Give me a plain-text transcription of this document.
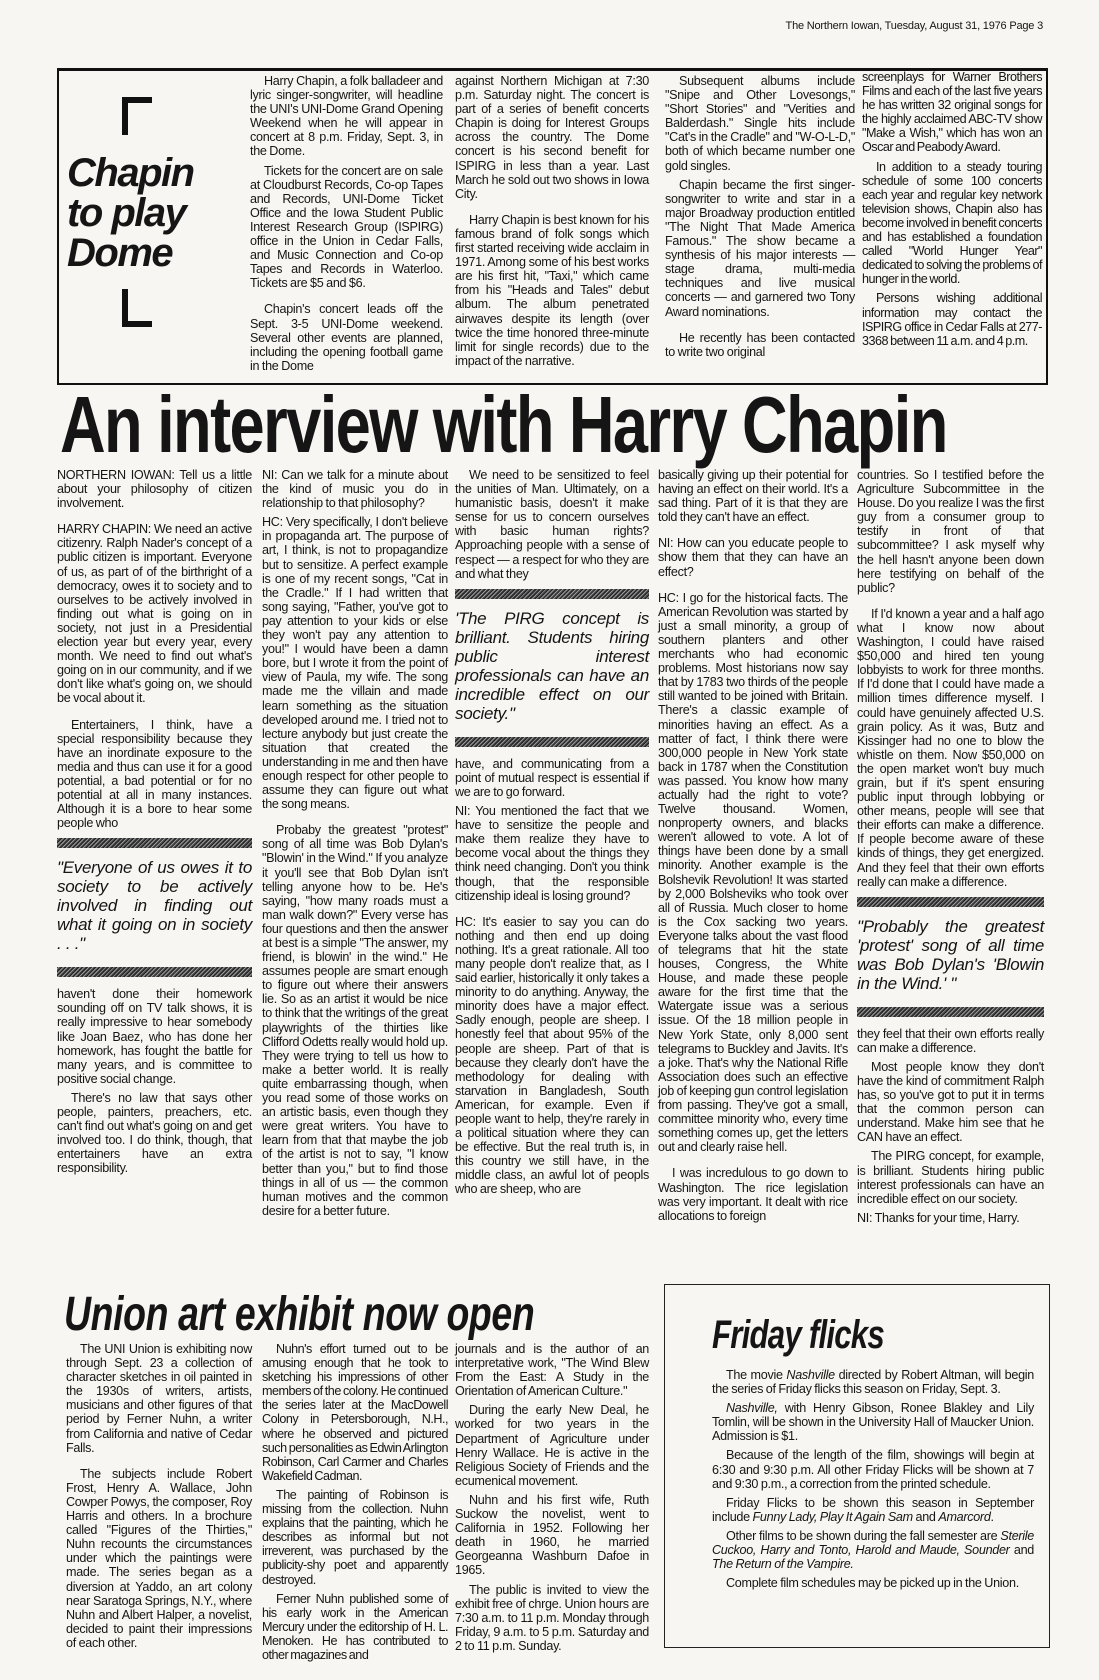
The Northern Iowan, Tuesday, August 31, 1976 Page 3
Chapin
to play
Dome

Harry Chapin, a folk balladeer and lyric singer-songwriter, will headline the UNI's UNI-Dome Grand Opening Weekend when he will appear in concert at 8 p.m. Friday, Sept. 3, in the Dome.

Tickets for the concert are on sale at Cloudburst Records, Co-op Tapes and Records, UNI-Dome Ticket Office and the Iowa Student Public Interest Research Group (ISPIRG) office in the Union in Cedar Falls, and Music Connection and Co-op Tapes and Records in Waterloo. Tickets are $5 and $6.

Chapin's concert leads off the Sept. 3-5 UNI-Dome weekend. Several other events are planned, including the opening football game in the Dome

against Northern Michigan at 7:30 p.m. Saturday night. The concert is part of a series of benefit concerts Chapin is doing for Interest Groups across the country. The Dome concert is his second benefit for ISPIRG in less than a year. Last March he sold out two shows in Iowa City.

Harry Chapin is best known for his famous brand of folk songs which first started receiving wide acclaim in 1971. Among some of his best works are his first hit, "Taxi," which came from his "Heads and Tales" debut album. The album penetrated airwaves despite its length (over twice the time honored three-minute limit for single records) due to the impact of the narrative.

Subsequent albums include "Snipe and Other Lovesongs," "Short Stories" and "Verities and Balderdash." Single hits include "Cat's in the Cradle" and "W-O-L-D," both of which became number one gold singles.

Chapin became the first singer-songwriter to write and star in a major Broadway production entitled "The Night That Made America Famous." The show became a synthesis of his major interests — stage drama, multi-media techniques and live musical concerts — and garnered two Tony Award nominations.

He recently has been contacted to write two original

screenplays for Warner Brothers Films and each of the last five years he has written 32 original songs for the highly acclaimed ABC-TV show "Make a Wish," which has won an Oscar and Peabody Award.

In addition to a steady touring schedule of some 100 concerts each year and regular key network television shows, Chapin also has become involved in benefit concerts and has established a foundation called "World Hunger Year" dedicated to solving the problems of hunger in the world.

Persons wishing additional information may contact the ISPIRG office in Cedar Falls at 277-3368 between 11 a.m. and 4 p.m.

An interview with Harry Chapin

NORTHERN IOWAN: Tell us a little about your philosophy of citizen involvement.

HARRY CHAPIN: We need an active citizenry. Ralph Nader's concept of a public citizen is important. Everyone of us, as part of of the birthright of a democracy, owes it to society and to ourselves to be actively involved in finding out what is going on in society, not just in a Presidential election year but every year, every month. We need to find out what's going on in our community, and if we don't like what's going on, we should be vocal about it.

Entertainers, I think, have a special responsibility because they have an inordinate exposure to the media and thus can use it for a good potential, a bad potential or for no potential at all in many instances. Although it is a bore to hear some people who

"Everyone of us owes it to society to be actively involved in finding out what it going on in society . . ."

haven't done their homework sounding off on TV talk shows, it is really impressive to hear somebody like Joan Baez, who has done her homework, has fought the battle for many years, and is committee to positive social change.

There's no law that says other people, painters, preachers, etc. can't find out what's going on and get involved too. I do think, though, that entertainers have an extra responsibility.

NI: Can we talk for a minute about the kind of music you do in relationship to that philosophy?

HC: Very specifically, I don't believe in propaganda art. The purpose of art, I think, is not to propagandize but to sensitize. A perfect example is one of my recent songs, "Cat in the Cradle." If I had written that song saying, "Father, you've got to pay attention to your kids or else they won't pay any attention to you!" I would have been a damn bore, but I wrote it from the point of view of Paula, my wife. The song made me the villain and made learn something as the situation developed around me. I tried not to lecture anybody but just create the situation that created the understanding in me and then have enough respect for other people to assume they can figure out what the song means.

Probaby the greatest "protest" song of all time was Bob Dylan's "Blowin' in the Wind." If you analyze it you'll see that Bob Dylan isn't telling anyone how to be. He's saying, "how many roads must a man walk down?" Every verse has four questions and then the answer at best is a simple "The answer, my friend, is blowin' in the wind." He assumes people are smart enough to figure out where their answers lie. So as an artist it would be nice to think that the writings of the great playwrights of the thirties like Clifford Odetts really would hold up. They were trying to tell us how to make a better world. It is really quite embarrassing though, when you read some of those works on an artistic basis, even though they were great writers. You have to learn from that that maybe the job of the artist is not to say, "I know better than you," but to find those things in all of us — the common human motives and the common desire for a better future.

We need to be sensitized to feel the unities of Man. Ultimately, on a humanistic basis, doesn't it make sense for us to concern ourselves with basic human rights? Approaching people with a sense of respect — a respect for who they are and what they

'The PIRG concept is brilliant. Students hiring public interest professionals can have an incredible effect on our society."

have, and communicating from a point of mutual respect is essential if we are to go forward.

NI: You mentioned the fact that we have to sensitize the people and make them realize they have to become vocal about the things they think need changing. Don't you think though, that the responsible citizenship ideal is losing ground?

HC: It's easier to say you can do nothing and then end up doing nothing. It's a great rationale. All too many people don't realize that, as I said earlier, historically it only takes a minority to do anything. Anyway, the minority does have a major effect. Sadly enough, people are sheep. I honestly feel that about 95% of the people are sheep. Part of that is because they clearly don't have the methodology for dealing with starvation in Bangladesh, South American, for example. Even if people want to help, they're rarely in a political situation where they can be effective. But the real truth is, in this country we still have, in the middle class, an awful lot of peopls who are sheep, who are

basically giving up their potential for having an effect on their world. It's a sad thing. Part of it is that they are told they can't have an effect.

NI: How can you educate people to show them that they can have an effect?

HC: I go for the historical facts. The American Revolution was started by just a small minority, a group of southern planters and other merchants who had economic problems. Most historians now say that by 1783 two thirds of the people still wanted to be joined with Britain. There's a classic example of minorities having an effect. As a matter of fact, I think there were 300,000 people in New York state back in 1787 when the Constitution was passed. You know how many actually had the right to vote? Twelve thousand. Women, nonproperty owners, and blacks weren't allowed to vote. A lot of things have been done by a small minority. Another example is the Bolshevik Revolution! It was started by 2,000 Bolsheviks who took over all of Russia. Much closer to home is the Cox sacking two years. Everyone talks about the vast flood of telegrams that hit the state houses, Congress, the White House, and made these people aware for the first time that the Watergate issue was a serious issue. Of the 18 million people in New York State, only 8,000 sent telegrams to Buckley and Javits. It's a joke. That's why the National Rifle Association does such an effective job of keeping gun control legislation from passing. They've got a small, committee minority who, every time something comes up, get the letters out and clearly raise hell.

I was incredulous to go down to Washington. The rice legislation was very important. It dealt with rice allocations to foreign

countries. So I testified before the Agriculture Subcommittee in the House. Do you realize I was the first guy from a consumer group to testify in front of that subcommittee? I ask myself why the hell hasn't anyone been down here testifying on behalf of the public?

If I'd known a year and a half ago what I know now about Washington, I could have raised $50,000 and hired ten young lobbyists to work for three months. If I'd done that I could have made a million times difference myself. I could have genuinely affected U.S. grain policy. As it was, Butz and Kissinger had no one to blow the whistle on them. Now $50,000 on the open market won't buy much grain, but if it's spent ensuring public input through lobbying or other means, people will see that their efforts can make a difference. If people become aware of these kinds of things, they get energized. And they feel that their own efforts really can make a difference.

"Probably the greatest 'protest' song of all time was Bob Dylan's 'Blowin in the Wind.' "

they feel that their own efforts really can make a difference.

Most people know they don't have the kind of commitment Ralph has, so you've got to put it in terms that the common person can understand. Make him see that he CAN have an effect.

The PIRG concept, for example, is brilliant. Students hiring public interest professionals can have an incredible effect on our society.

NI: Thanks for your time, Harry.

Union art exhibit now open

The UNI Union is exhibiting now through Sept. 23 a collection of character sketches in oil painted in the 1930s of writers, artists, musicians and other figures of that period by Ferner Nuhn, a writer from California and native of Cedar Falls.

The subjects include Robert Frost, Henry A. Wallace, John Cowper Powys, the composer, Roy Harris and others. In a brochure called "Figures of the Thirties," Nuhn recounts the circumstances under which the paintings were made. The series began as a diversion at Yaddo, an art colony near Saratoga Springs, N.Y., where Nuhn and Albert Halper, a novelist, decided to paint their impressions of each other.

Nuhn's effort turned out to be amusing enough that he took to sketching his impressions of other members of the colony. He continued the series later at the MacDowell Colony in Petersborough, N.H., where he observed and pictured such personalities as Edwin Arlington Robinson, Carl Carmer and Charles Wakefield Cadman.

The painting of Robinson is missing from the collection. Nuhn explains that the painting, which he describes as informal but not irreverent, was purchased by the publicity-shy poet and apparently destroyed.

Ferner Nuhn published some of his early work in the American Mercury under the editorship of H. L. Menoken. He has contributed to other magazines and

journals and is the author of an interpretative work, "The Wind Blew From the East: A Study in the Orientation of American Culture."

During the early New Deal, he worked for two years in the Department of Agriculture under Henry Wallace. He is active in the Religious Society of Friends and the ecumenical movement.

Nuhn and his first wife, Ruth Suckow the novelist, went to California in 1952. Following her death in 1960, he married Georgeanna Washburn Dafoe in 1965.

The public is invited to view the exhibit free of chrge. Union hours are 7:30 a.m. to 11 p.m. Monday through Friday, 9 a.m. to 5 p.m. Saturday and 2 to 11 p.m. Sunday.

Friday flicks

The movie Nashville directed by Robert Altman, will begin the series of Friday flicks this season on Friday, Sept. 3.

Nashville, with Henry Gibson, Ronee Blakley and Lily Tomlin, will be shown in the University Hall of Maucker Union. Admission is $1.

Because of the length of the film, showings will begin at 6:30 and 9:30 p.m. All other Friday Flicks will be shown at 7 and 9:30 p.m., a correction from the printed schedule.

Friday Flicks to be shown this season in September include Funny Lady, Play It Again Sam and Amarcord.

Other films to be shown during the fall semester are Sterile Cuckoo, Harry and Tonto, Harold and Maude, Sounder and The Return of the Vampire.

Complete film schedules may be picked up in the Union.
